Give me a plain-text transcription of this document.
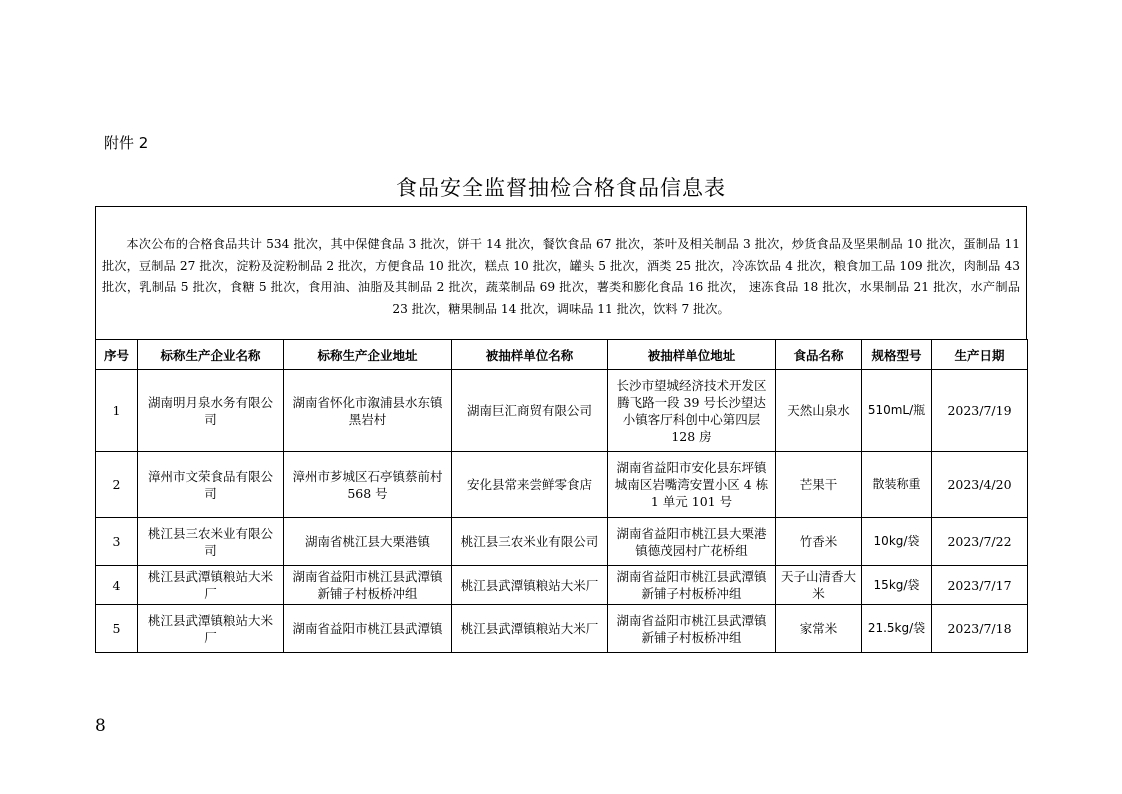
附件 2
食品安全监督抽检合格食品信息表

本次公布的合格食品共计 534 批次，其中保健食品 3 批次，饼干 14 批次，餐饮食品 67 批次，茶叶及相关制品 3 批次，炒货食品及坚果制品 10 批次，蛋制品 11 批次，豆制品 27 批次，淀粉及淀粉制品 2 批次，方便食品 10 批次，糕点 10 批次，罐头 5 批次，酒类 25 批次，冷冻饮品 4 批次，粮食加工品 109 批次，肉制品 43 批次，乳制品 5 批次，食糖 5 批次，食用油、油脂及其制品 2 批次，蔬菜制品 69 批次，薯类和膨化食品 16 批次， 速冻食品 18 批次，水果制品 21 批次，水产制品 23 批次，糖果制品 14 批次，调味品 11 批次，饮料 7 批次。

序号	标称生产企业名称	标称生产企业地址	被抽样单位名称	被抽样单位地址	食品名称	规格型号	生产日期
1	湖南明月泉水务有限公司	湖南省怀化市溆浦县水东镇黑岩村	湖南巨汇商贸有限公司	长沙市望城经济技术开发区腾飞路一段 39 号长沙望达小镇客厅科创中心第四层 128 房	天然山泉水	510mL/瓶	2023/7/19
2	漳州市文荣食品有限公司	漳州市芗城区石亭镇蔡前村 568 号	安化县常来尝鲜零食店	湖南省益阳市安化县东坪镇城南区岩嘴湾安置小区 4 栋 1 单元 101 号	芒果干	散装称重	2023/4/20
3	桃江县三农米业有限公司	湖南省桃江县大栗港镇	桃江县三农米业有限公司	湖南省益阳市桃江县大栗港镇德茂园村广花桥组	竹香米	10kg/袋	2023/7/22
4	桃江县武潭镇粮站大米厂	湖南省益阳市桃江县武潭镇新铺子村板桥冲组	桃江县武潭镇粮站大米厂	湖南省益阳市桃江县武潭镇新铺子村板桥冲组	天子山清香大米	15kg/袋	2023/7/17
5	桃江县武潭镇粮站大米厂	湖南省益阳市桃江县武潭镇	桃江县武潭镇粮站大米厂	湖南省益阳市桃江县武潭镇新铺子村板桥冲组	家常米	21.5kg/袋	2023/7/18
8
